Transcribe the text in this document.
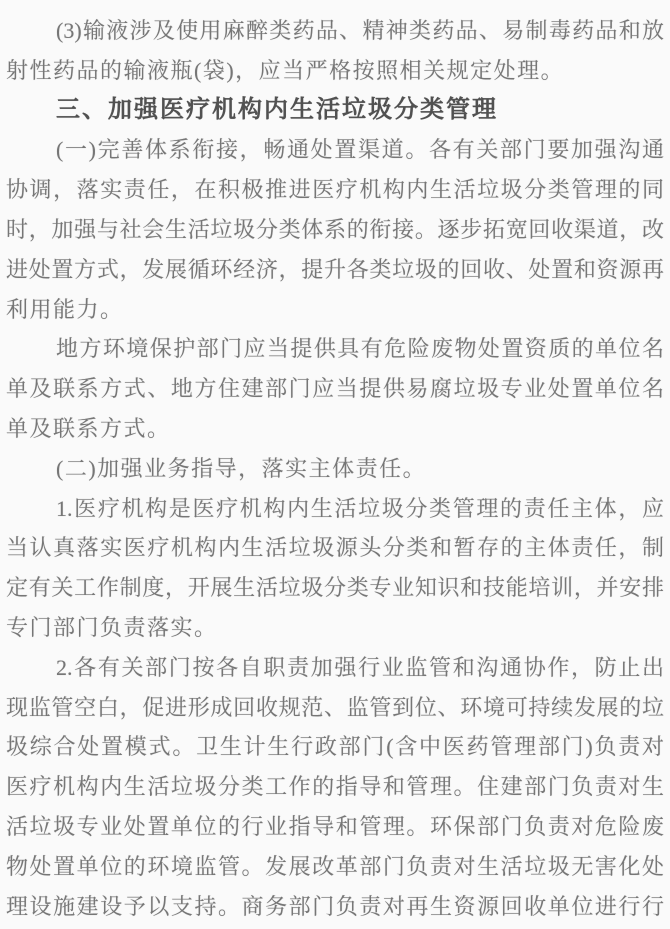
(3)输液涉及使用麻醉类药品、精神类药品、易制毒药品和放
射性药品的输液瓶(袋)，应当严格按照相关规定处理。
三、加强医疗机构内生活垃圾分类管理
(一)完善体系衔接，畅通处置渠道。各有关部门要加强沟通
协调，落实责任，在积极推进医疗机构内生活垃圾分类管理的同
时，加强与社会生活垃圾分类体系的衔接。逐步拓宽回收渠道，改
进处置方式，发展循环经济，提升各类垃圾的回收、处置和资源再
利用能力。
地方环境保护部门应当提供具有危险废物处置资质的单位名
单及联系方式、地方住建部门应当提供易腐垃圾专业处置单位名
单及联系方式。
(二)加强业务指导，落实主体责任。
1.医疗机构是医疗机构内生活垃圾分类管理的责任主体，应
当认真落实医疗机构内生活垃圾源头分类和暂存的主体责任，制
定有关工作制度，开展生活垃圾分类专业知识和技能培训，并安排
专门部门负责落实。
2.各有关部门按各自职责加强行业监管和沟通协作，防止出
现监管空白，促进形成回收规范、监管到位、环境可持续发展的垃
圾综合处置模式。卫生计生行政部门(含中医药管理部门)负责对
医疗机构内生活垃圾分类工作的指导和管理。住建部门负责对生
活垃圾专业处置单位的行业指导和管理。环保部门负责对危险废
物处置单位的环境监管。发展改革部门负责对生活垃圾无害化处
理设施建设予以支持。商务部门负责对再生资源回收单位进行行
